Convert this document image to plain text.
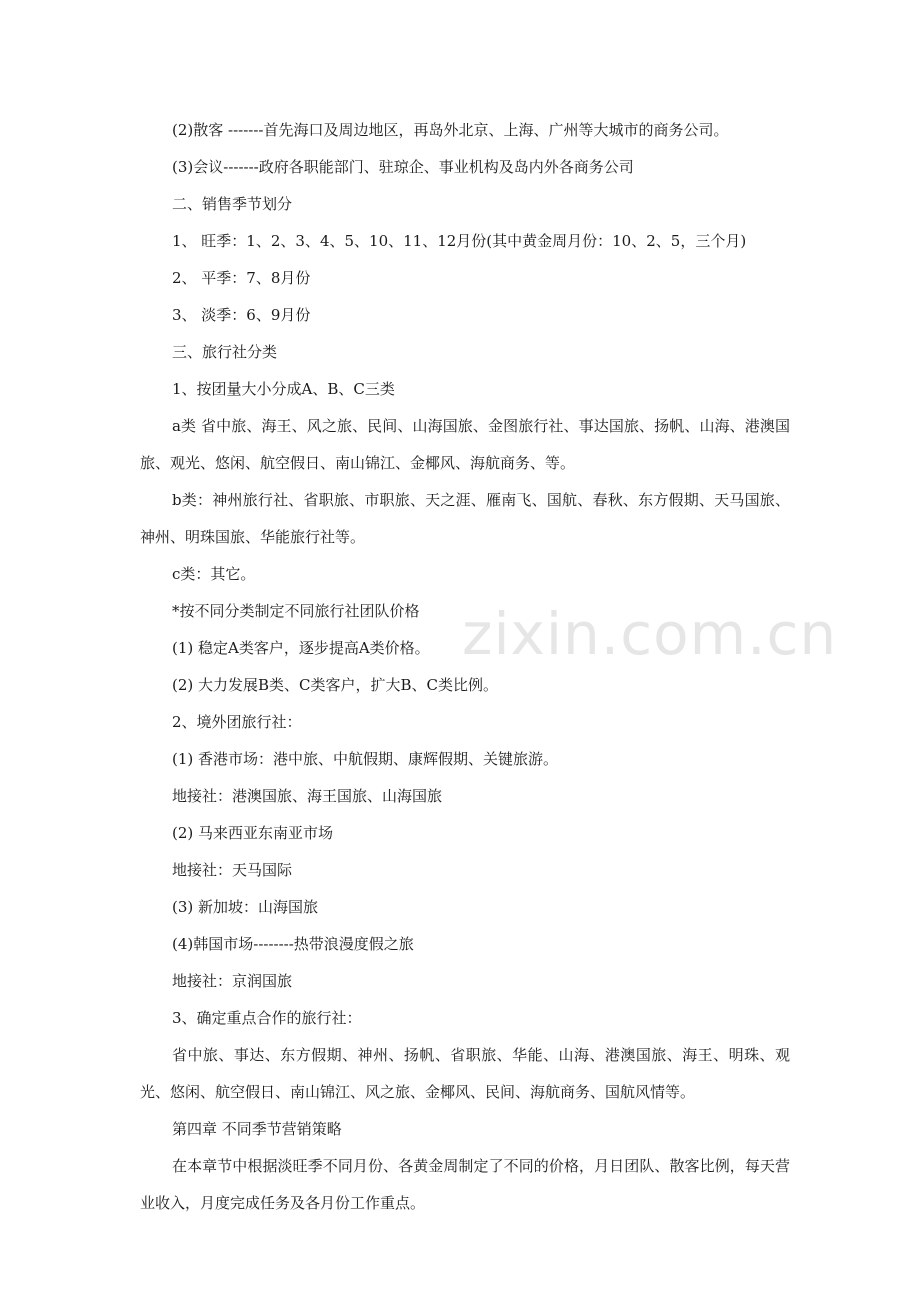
zixin.com.cn
(2)散客 -------首先海口及周边地区，再岛外北京、上海、广州等大城市的商务公司。
(3)会议-------政府各职能部门、驻琼企、事业机构及岛内外各商务公司
二、销售季节划分
1、 旺季：1、2、3、4、5、10、11、12月份(其中黄金周月份：10、2、5，三个月)
2、 平季：7、8月份
3、 淡季：6、9月份
三、旅行社分类
1、按团量大小分成A、B、C三类
a类 省中旅、海王、风之旅、民间、山海国旅、金图旅行社、事达国旅、扬帆、山海、港澳国旅、观光、悠闲、航空假日、南山锦江、金椰风、海航商务、等。
b类：神州旅行社、省职旅、市职旅、天之涯、雁南飞、国航、春秋、东方假期、天马国旅、神州、明珠国旅、华能旅行社等。
c类：其它。
*按不同分类制定不同旅行社团队价格
(1) 稳定A类客户，逐步提高A类价格。
(2) 大力发展B类、C类客户，扩大B、C类比例。
2、境外团旅行社：
(1) 香港市场：港中旅、中航假期、康辉假期、关键旅游。
地接社：港澳国旅、海王国旅、山海国旅
(2) 马来西亚东南亚市场
地接社：天马国际
(3) 新加坡：山海国旅
(4)韩国市场--------热带浪漫度假之旅
地接社：京润国旅
3、确定重点合作的旅行社：
省中旅、事达、东方假期、神州、扬帆、省职旅、华能、山海、港澳国旅、海王、明珠、观光、悠闲、航空假日、南山锦江、风之旅、金椰风、民间、海航商务、国航风情等。
第四章 不同季节营销策略
在本章节中根据淡旺季不同月份、各黄金周制定了不同的价格，月日团队、散客比例，每天营业收入，月度完成任务及各月份工作重点。
